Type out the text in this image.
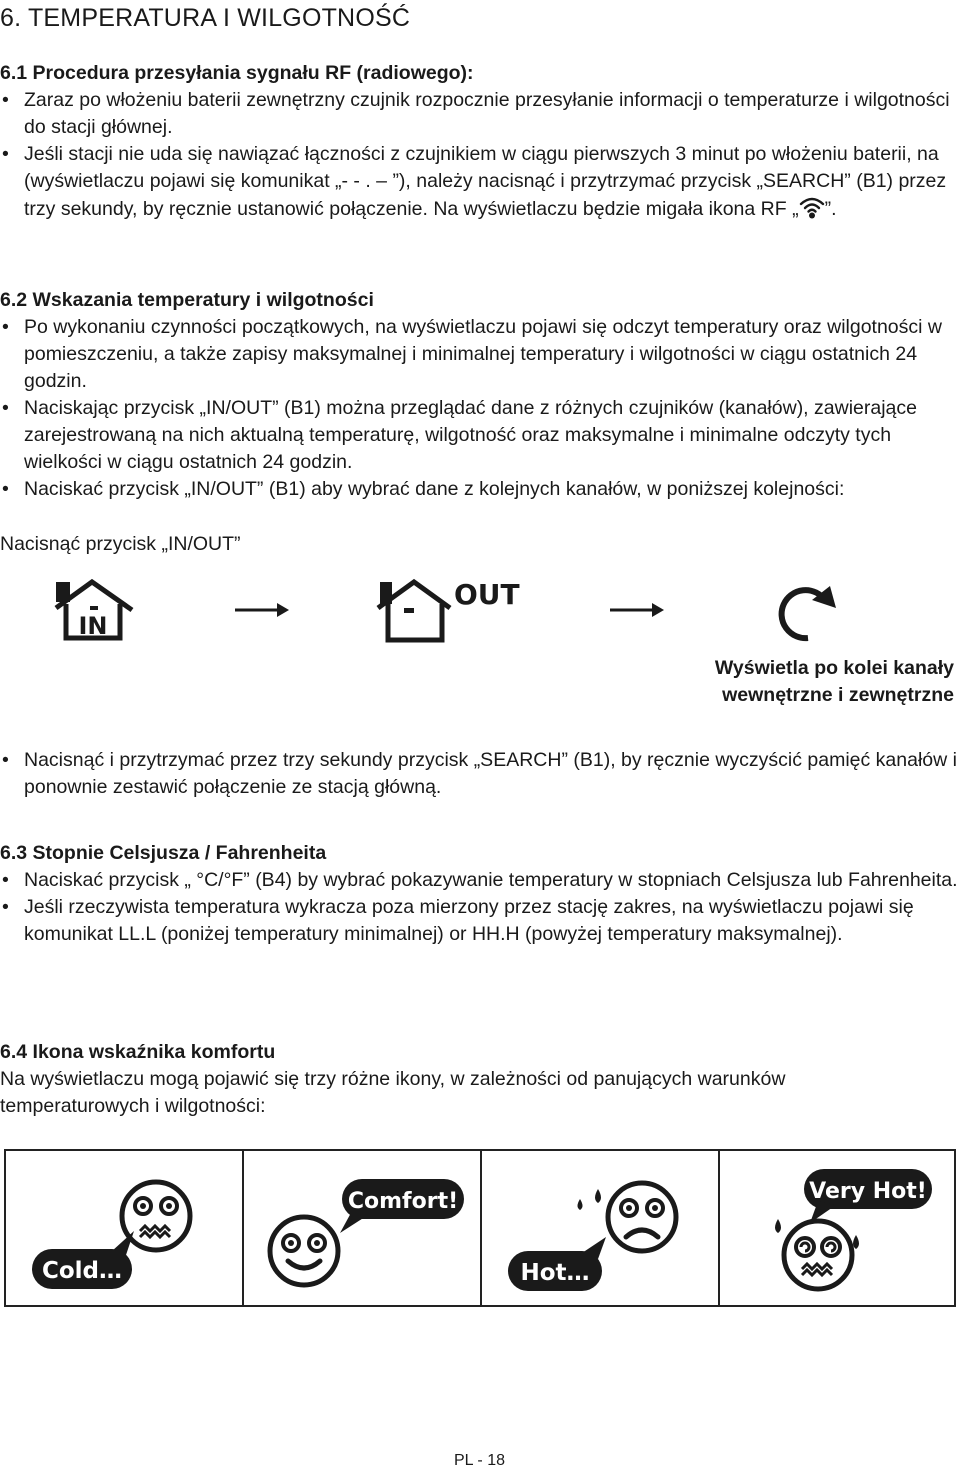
6. TEMPERATURA I WILGOTNOŚĆ
6.1 Procedura przesyłania sygnału RF (radiowego):
• Zaraz po włożeniu baterii zewnętrzny czujnik rozpocznie przesyłanie informacji o temperaturze i wilgotności do stacji głównej.
• Jeśli stacji nie uda się nawiązać łączności z czujnikiem w ciągu pierwszych 3 minut po włożeniu baterii, na (wyświetlaczu pojawi się komunikat „- - . – ”), należy nacisnąć i przytrzymać przycisk „SEARCH” (B1) przez trzy sekundy, by ręcznie ustanowić połączenie. Na wyświetlaczu będzie migała ikona RF „ ”.
6.2 Wskazania temperatury i wilgotności
• Po wykonaniu czynności początkowych, na wyświetlaczu pojawi się odczyt temperatury oraz wilgotności w pomieszczeniu, a także zapisy maksymalnej i minimalnej temperatury i wilgotności w ciągu ostatnich 24 godzin.
• Naciskając przycisk „IN/OUT” (B1) można przeglądać dane z różnych czujników (kanałów), zawierające zarejestrowaną na nich aktualną temperaturę, wilgotność oraz maksymalne i minimalne odczyty tych wielkości w ciągu ostatnich 24 godzin.
• Naciskać przycisk „IN/OUT” (B1) aby wybrać dane z kolejnych kanałów, w poniższej kolejności:
Nacisnąć przycisk „IN/OUT”
IN
OUT
Wyświetla po kolei kanały
wewnętrzne i zewnętrzne
• Nacisnąć i przytrzymać przez trzy sekundy przycisk „SEARCH” (B1), by ręcznie wyczyścić pamięć kanałów i ponownie zestawić połączenie ze stacją główną.
6.3 Stopnie Celsjusza / Fahrenheita
• Naciskać przycisk „ °C/°F” (B4) by wybrać pokazywanie temperatury w stopniach Celsjusza lub Fahrenheita.
• Jeśli rzeczywista temperatura wykracza poza mierzony przez stację zakres, na wyświetlaczu pojawi się komunikat LL.L (poniżej temperatury minimalnej) or HH.H (powyżej temperatury maksymalnej).
6.4 Ikona wskaźnika komfortu
Na wyświetlaczu mogą pojawić się trzy różne ikony, w zależności od panujących warunków temperaturowych i wilgotności:
Cold…
Comfort!
Hot…
Very Hot!
PL - 18
